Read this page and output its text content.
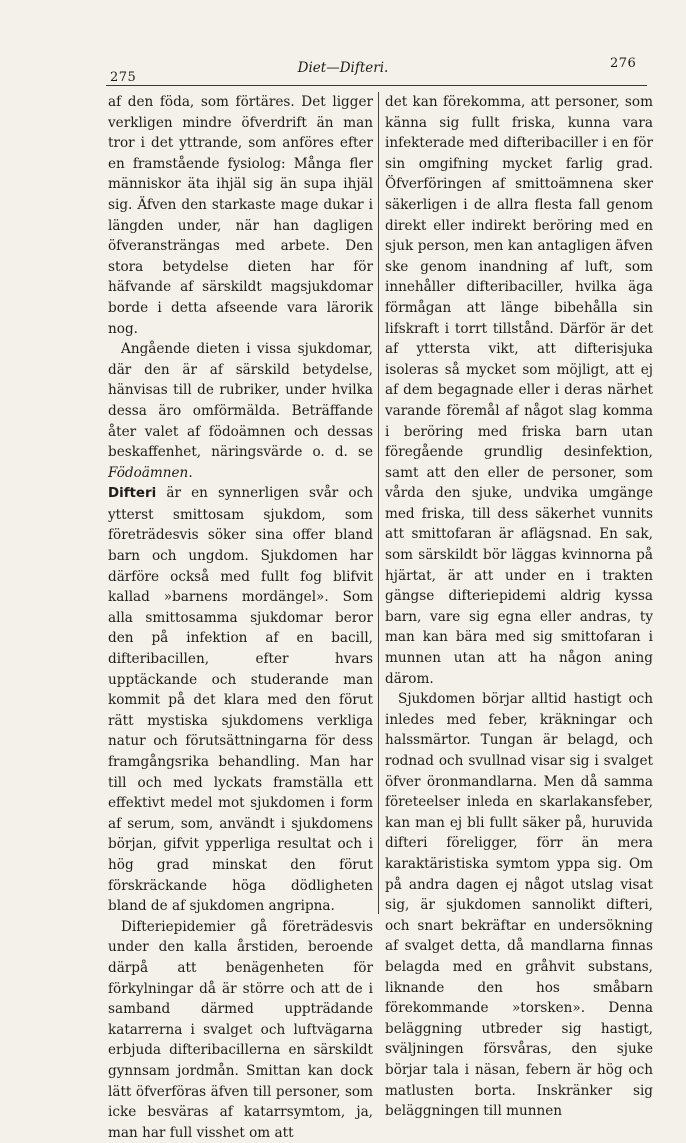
275
Diet—Difteri.	276

af den föda, som förtäres. Det ligger verkligen mindre öfverdrift än man tror i det yttrande, som anföres efter en framstående fysiolog: Många fler människor äta ihjäl sig än supa ihjäl sig. Äfven den starkaste mage dukar i längden under, när han dagligen öfveransträngas med arbete. Den stora betydelse dieten har för häfvande af särskildt magsjukdomar borde i detta afseende vara lärorik nog.

Angående dieten i vissa sjukdomar, där den är af särskild betydelse, hänvisas till de rubriker, under hvilka dessa äro omförmälda. Beträffande åter valet af födoämnen och dessas beskaffenhet, näringsvärde o. d. se Födoämnen.

Difteri är en synnerligen svår och ytterst smittosam sjukdom, som företrädesvis söker sina offer bland barn och ungdom. Sjukdomen har därföre också med fullt fog blifvit kallad »barnens mordängel». Som alla smittosamma sjukdomar beror den på infektion af en bacill, difteribacillen, efter hvars upptäckande och studerande man kommit på det klara med den förut rätt mystiska sjukdomens verkliga natur och förutsättningarna för dess framgångsrika behandling. Man har till och med lyckats framställa ett effektivt medel mot sjukdomen i form af serum, som, användt i sjukdomens början, gifvit ypperliga resultat och i hög grad minskat den förut förskräckande höga dödligheten bland de af sjukdomen angripna.

Difteriepidemier gå företrädesvis under den kalla årstiden, beroende därpå att benägenheten för förkylningar då är större och att de i samband därmed uppträdande katarrerna i svalget och luftvägarna erbjuda difteribacillerna en särskildt gynnsam jordmån. Smittan kan dock lätt öfverföras äfven till personer, som icke besväras af katarrsymtom, ja, man har full visshet om att

det kan förekomma, att personer, som känna sig fullt friska, kunna vara infekterade med difteribaciller i en för sin omgifning mycket farlig grad. Öfverföringen af smittoämnena sker säkerligen i de allra flesta fall genom direkt eller indirekt beröring med en sjuk person, men kan antagligen äfven ske genom inandning af luft, som innehåller difteribaciller, hvilka äga förmågan att länge bibehålla sin lifskraft i torrt tillstånd. Därför är det af yttersta vikt, att difterisjuka isoleras så mycket som möjligt, att ej af dem begagnade eller i deras närhet varande föremål af något slag komma i beröring med friska barn utan föregående grundlig desinfektion, samt att den eller de personer, som vårda den sjuke, undvika umgänge med friska, till dess säkerhet vunnits att smittofaran är aflägsnad. En sak, som särskildt bör läggas kvinnorna på hjärtat, är att under en i trakten gängse difteriepidemi aldrig kyssa barn, vare sig egna eller andras, ty man kan bära med sig smittofaran i munnen utan att ha någon aning därom.

Sjukdomen börjar alltid hastigt och inledes med feber, kräkningar och halssmärtor. Tungan är belagd, och rodnad och svullnad visar sig i svalget öfver öronmandlarna. Men då samma företeelser inleda en skarlakansfeber, kan man ej bli fullt säker på, huruvida difteri föreligger, förr än mera karaktäristiska symtom yppa sig. Om på andra dagen ej något utslag visat sig, är sjukdomen sannolikt difteri, och snart bekräftar en undersökning af svalget detta, då mandlarna finnas belagda med en gråhvit substans, liknande den hos småbarn förekommande »torsken». Denna beläggning utbreder sig hastigt, sväljningen försvåras, den sjuke börjar tala i näsan, febern är hög och matlusten borta. Inskränker sig beläggningen till munnen
